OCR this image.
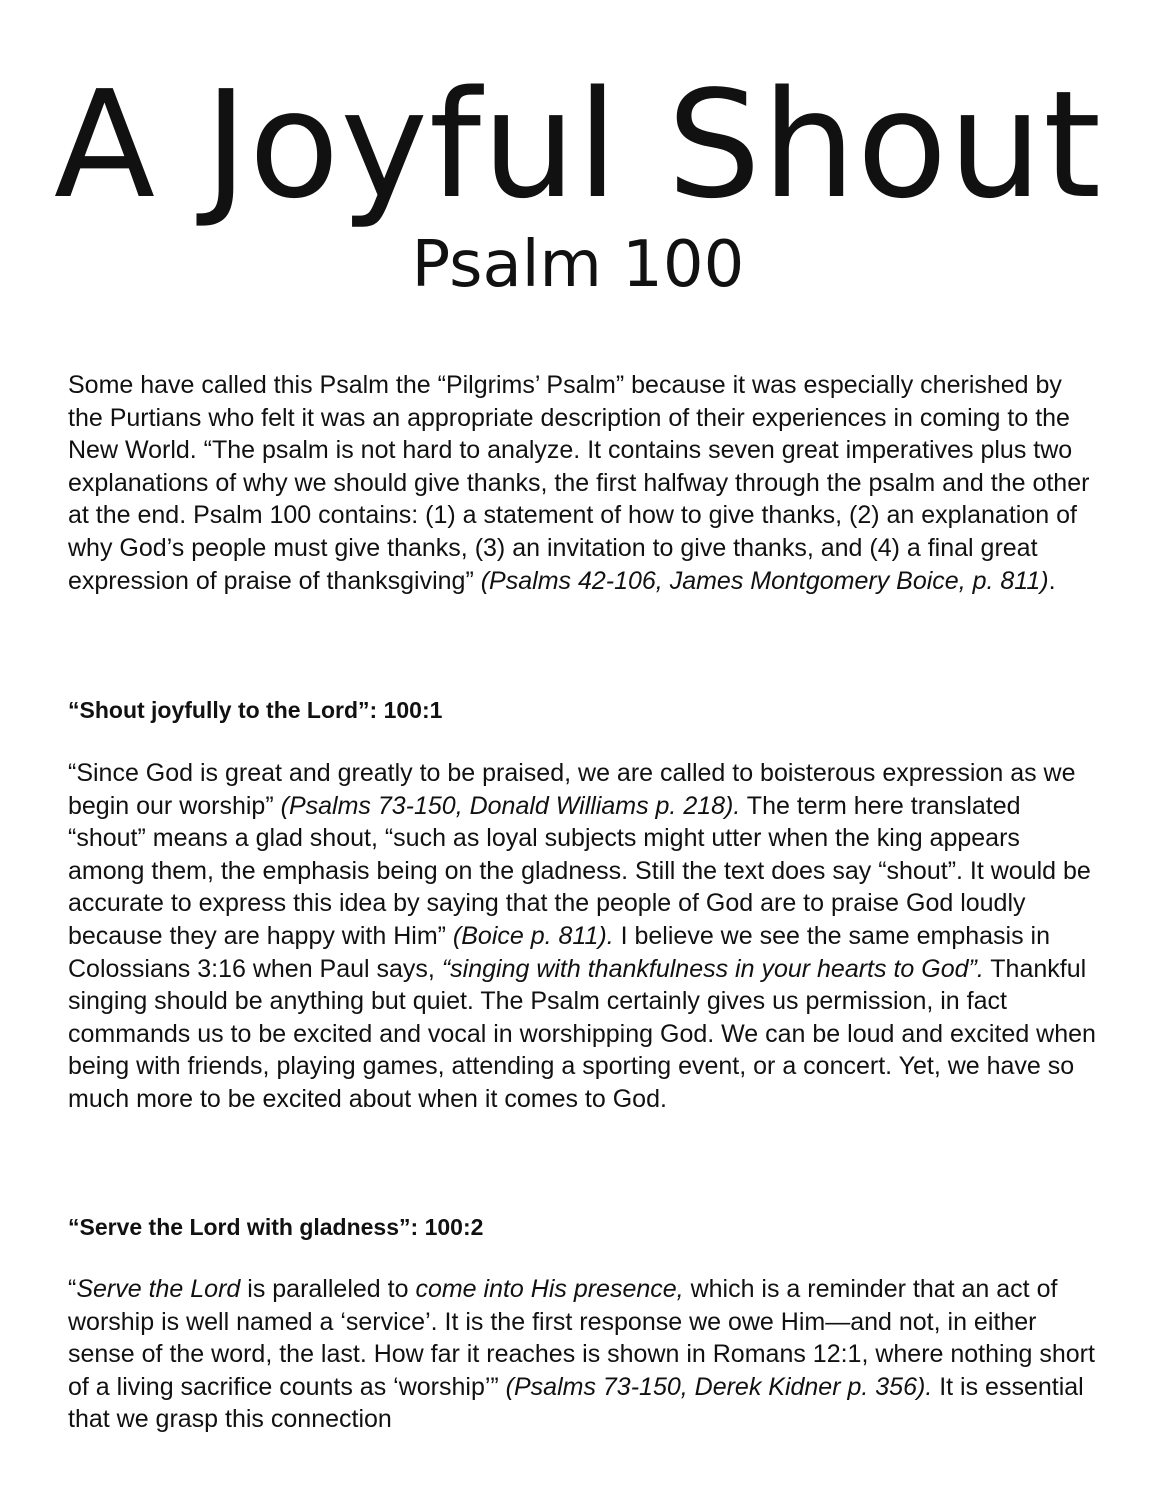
A Joyful Shout
Psalm 100

Some have called this Psalm the “Pilgrims’ Psalm” because it was especially cherished by the Purtians who felt it was an appropriate description of their experiences in coming to the New World. “The psalm is not hard to analyze. It contains seven great imperatives plus two explanations of why we should give thanks, the first halfway through the psalm and the other at the end. Psalm 100 contains: (1) a statement of how to give thanks, (2) an explanation of why God’s people must give thanks, (3) an invitation to give thanks, and (4) a final great expression of praise of thanksgiving” (Psalms 42-106, James Montgomery Boice, p. 811).

“Shout joyfully to the Lord”: 100:1

“Since God is great and greatly to be praised, we are called to boisterous expression as we begin our worship” (Psalms 73-150, Donald Williams p. 218). The term here translated “shout” means a glad shout, “such as loyal subjects might utter when the king appears among them, the emphasis being on the gladness. Still the text does say “shout”. It would be accurate to express this idea by saying that the people of God are to praise God loudly because they are happy with Him” (Boice p. 811). I believe we see the same emphasis in Colossians 3:16 when Paul says, “singing with thankfulness in your hearts to God”. Thankful singing should be anything but quiet. The Psalm certainly gives us permission, in fact commands us to be excited and vocal in worshipping God. We can be loud and excited when being with friends, playing games, attending a sporting event, or a concert. Yet, we have so much more to be excited about when it comes to God.

“Serve the Lord with gladness”: 100:2

“Serve the Lord is paralleled to come into His presence, which is a reminder that an act of worship is well named a ‘service’. It is the first response we owe Him—and not, in either sense of the word, the last. How far it reaches is shown in Romans 12:1, where nothing short of a living sacrifice counts as ‘worship’” (Psalms 73-150, Derek Kidner p. 356). It is essential that we grasp this connection
